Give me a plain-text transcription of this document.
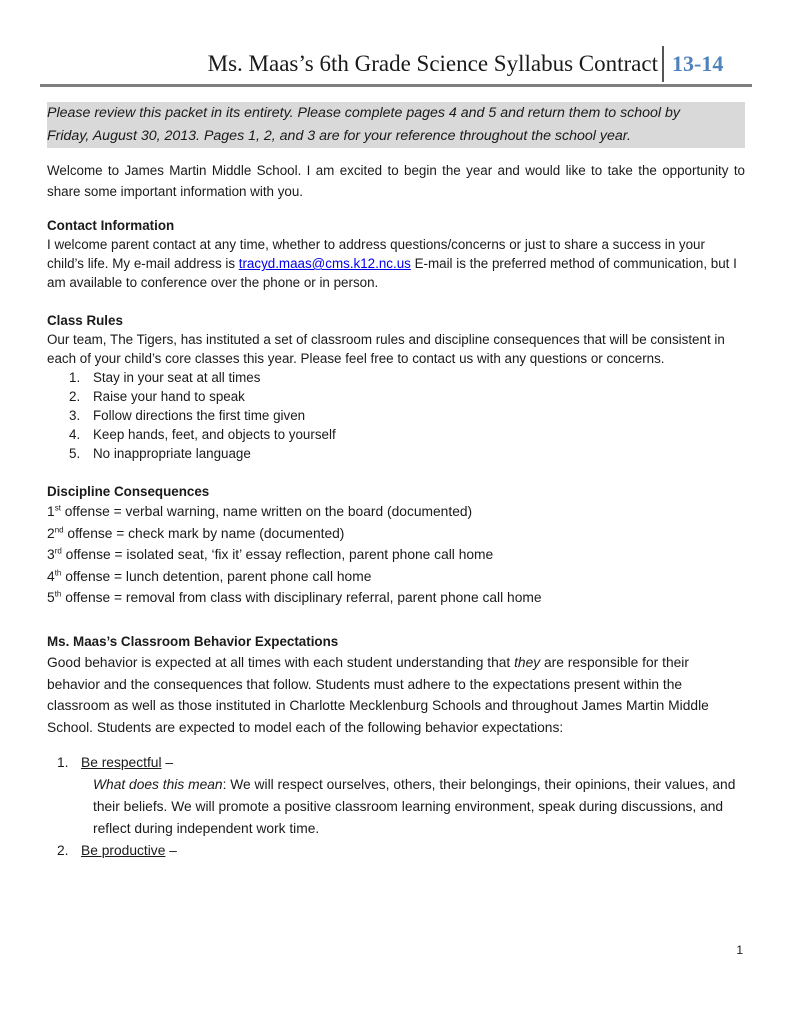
Ms. Maas’s 6th Grade Science Syllabus Contract 13-14
Please review this packet in its entirety. Please complete pages 4 and 5 and return them to school by
Friday, August 30, 2013. Pages 1, 2, and 3 are for your reference throughout the school year.

Welcome to James Martin Middle School. I am excited to begin the year and would like to take the opportunity to share some important information with you.

Contact Information

I welcome parent contact at any time, whether to address questions/concerns or just to share a success in your child’s life. My e-mail address is tracyd.maas@cms.k12.nc.us E-mail is the preferred method of communication, but I am available to conference over the phone or in person.

Class Rules

Our team, The Tigers, has instituted a set of classroom rules and discipline consequences that will be consistent in each of your child’s core classes this year. Please feel free to contact us with any questions or concerns.

1. Stay in your seat at all times
2. Raise your hand to speak
3. Follow directions the first time given
4. Keep hands, feet, and objects to yourself
5. No inappropriate language
Discipline Consequences
1st offense = verbal warning, name written on the board (documented)
2nd offense = check mark by name (documented)
3rd offense = isolated seat, ‘fix it’ essay reflection, parent phone call home
4th offense = lunch detention, parent phone call home
5th offense = removal from class with disciplinary referral, parent phone call home
Ms. Maas’s Classroom Behavior Expectations

Good behavior is expected at all times with each student understanding that they are responsible for their behavior and the consequences that follow. Students must adhere to the expectations present within the classroom as well as those instituted in Charlotte Mecklenburg Schools and throughout James Martin Middle School. Students are expected to model each of the following behavior expectations:

1. Be respectful –
What does this mean: We will respect ourselves, others, their belongings, their opinions, their values, and their beliefs. We will promote a positive classroom learning environment, speak during discussions, and reflect during independent work time.
2. Be productive –
1
